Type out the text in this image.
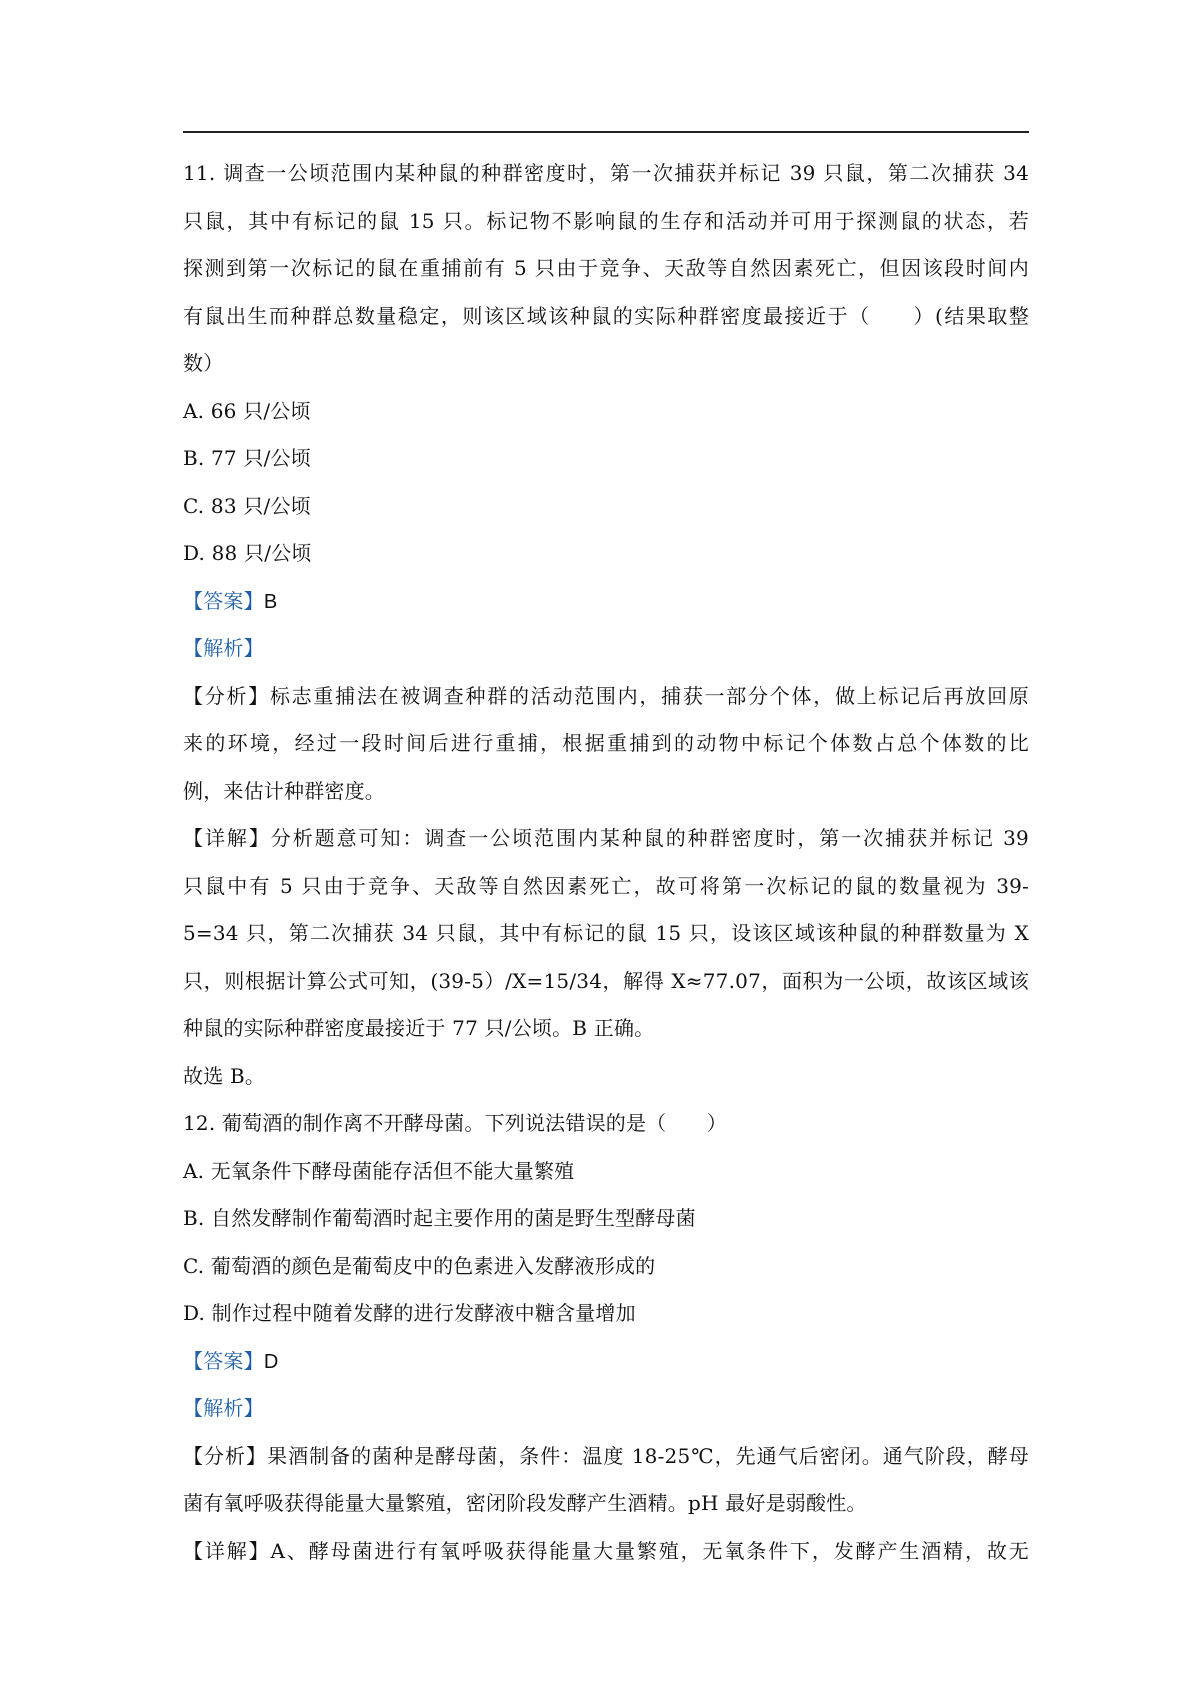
11. 调查一公顷范围内某种鼠的种群密度时，第一次捕获并标记 39 只鼠，第二次捕获 34
只鼠，其中有标记的鼠 15 只。标记物不影响鼠的生存和活动并可用于探测鼠的状态，若
探测到第一次标记的鼠在重捕前有 5 只由于竞争、天敌等自然因素死亡，但因该段时间内
有鼠出生而种群总数量稳定，则该区域该种鼠的实际种群密度最接近于（　　）(结果取整
数）
A. 66 只/公顷
B. 77 只/公顷
C. 83 只/公顷
D. 88 只/公顷
【答案】B
【解析】
【分析】标志重捕法在被调查种群的活动范围内，捕获一部分个体，做上标记后再放回原
来的环境，经过一段时间后进行重捕，根据重捕到的动物中标记个体数占总个体数的比
例，来估计种群密度。
【详解】分析题意可知：调查一公顷范围内某种鼠的种群密度时，第一次捕获并标记 39
只鼠中有 5 只由于竞争、天敌等自然因素死亡，故可将第一次标记的鼠的数量视为 39-
5=34 只，第二次捕获 34 只鼠，其中有标记的鼠 15 只，设该区域该种鼠的种群数量为 X
只，则根据计算公式可知，(39-5）/X=15/34，解得 X≈77.07，面积为一公顷，故该区域该
种鼠的实际种群密度最接近于 77 只/公顷。B 正确。
故选 B。
12. 葡萄酒的制作离不开酵母菌。下列说法错误的是（　　）
A. 无氧条件下酵母菌能存活但不能大量繁殖
B. 自然发酵制作葡萄酒时起主要作用的菌是野生型酵母菌
C. 葡萄酒的颜色是葡萄皮中的色素进入发酵液形成的
D. 制作过程中随着发酵的进行发酵液中糖含量增加
【答案】D
【解析】
【分析】果酒制备的菌种是酵母菌，条件：温度 18-25℃，先通气后密闭。通气阶段，酵母
菌有氧呼吸获得能量大量繁殖，密闭阶段发酵产生酒精。pH 最好是弱酸性。
【详解】A、酵母菌进行有氧呼吸获得能量大量繁殖，无氧条件下，发酵产生酒精，故无
